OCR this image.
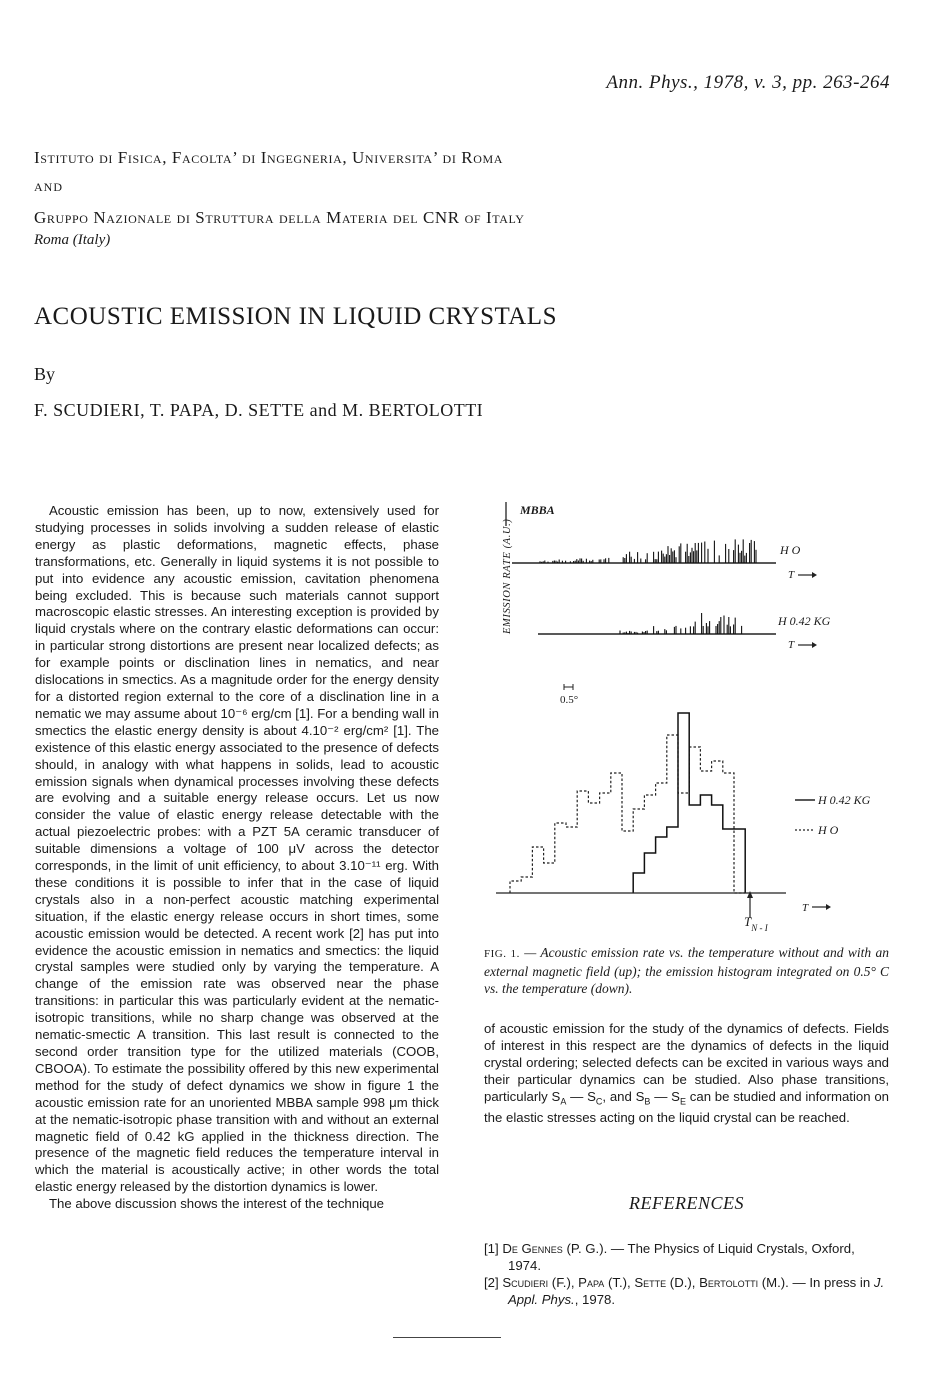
Ann. Phys., 1978, v. 3, pp. 263-264
Istituto di Fisica, Facolta’ di Ingegneria, Universita’ di Roma
AND
Gruppo Nazionale di Struttura della Materia del CNR of Italy
Roma (Italy)
ACOUSTIC EMISSION IN LIQUID CRYSTALS
By
F. SCUDIERI, T. PAPA, D. SETTE and M. BERTOLOTTI

Acoustic emission has been, up to now, extensively used for studying processes in solids involving a sudden release of elastic energy as plastic deformations, magnetic effects, phase transformations, etc. Generally in liquid systems it is not possible to put into evidence any acoustic emission, cavitation phenomena being excluded. This is because such materials cannot support macroscopic elastic stresses. An interesting exception is provided by liquid crystals where on the contrary elastic deformations can occur: in particular strong distortions are present near localized defects; as for example points or disclination lines in nematics, and near dislocations in smectics. As a magnitude order for the energy density for a distorted region external to the core of a disclination line in a nematic we may assume about 10⁻⁶ erg/cm [1]. For a bending wall in smectics the elastic energy density is about 4.10⁻² erg/cm² [1]. The existence of this elastic energy associated to the presence of defects should, in analogy with what happens in solids, lead to acoustic emission signals when dynamical processes involving these defects are evolving and a suitable energy release occurs. Let us now consider the value of elastic energy release detectable with the actual piezoelectric probes: with a PZT 5A ceramic transducer of suitable dimensions a voltage of 100 μV across the detector corresponds, in the limit of unit efficiency, to about 3.10⁻¹¹ erg. With these conditions it is possible to infer that in the case of liquid crystals also in a non-perfect acoustic matching experimental situation, if the elastic energy release occurs in short times, some acoustic emission would be detected. A recent work [2] has put into evidence the acoustic emission in nematics and smectics: the liquid crystal samples were studied only by varying the temperature. A change of the emission rate was observed near the phase transitions: in particular this was particularly evident at the nematic-isotropic transitions, while no sharp change was observed at the nematic-smectic A transition. This last result is connected to the second order transition type for the utilized materials (COOB, CBOOA). To estimate the possibility offered by this new experimental method for the study of defect dynamics we show in figure 1 the acoustic emission rate for an unoriented MBBA sample 998 μm thick at the nematic-isotropic phase transition with and without an external magnetic field of 0.42 kG applied in the thickness direction. The presence of the magnetic field reduces the temperature interval in which the material is acoustically active; in other words the total elastic energy released by the distortion dynamics is lower.

The above discussion shows the interest of the technique

EMISSION RATE (A.U.)
MBBA
H O
T
H 0.42 KG
T
0.5°
T
$T_{N - I}$
H 0.42 KG
H O
FIG. 1. — Acoustic emission rate vs. the temperature without and with an external magnetic field (up); the emission histogram integrated on 0.5° C vs. the temperature (down).

of acoustic emission for the study of the dynamics of defects. Fields of interest in this respect are the dynamics of defects in the liquid crystal ordering; selected defects can be excited in various ways and their particular dynamics can be studied. Also phase transitions, particularly $S_A$ — $S_C$, and $S_B$ — $S_E$ can be studied and information on the elastic stresses acting on the liquid crystal can be reached.

REFERENCES
[1] De Gennes (P. G.). — The Physics of Liquid Crystals, Oxford, 1974.
[2] Scudieri (F.), Papa (T.), Sette (D.), Bertolotti (M.). — In press in J. Appl. Phys., 1978.
